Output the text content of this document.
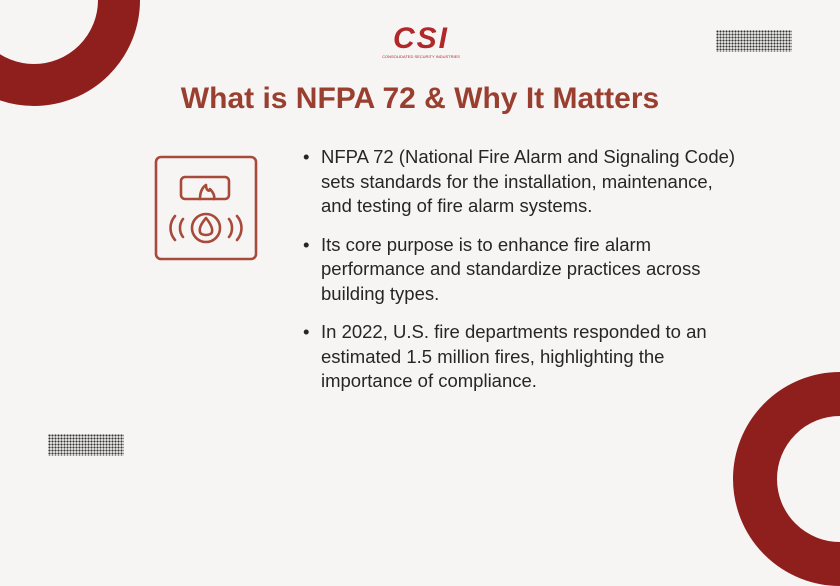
CSI
CONSOLIDATED SECURITY INDUSTRIES
What is NFPA 72 & Why It Matters
• NFPA 72 (National Fire Alarm and Signaling Code) sets standards for the installation, maintenance, and testing of fire alarm systems.
• Its core purpose is to enhance fire alarm performance and standardize practices across building types.
• In 2022, U.S. fire departments responded to an estimated 1.5 million fires, highlighting the importance of compliance.
